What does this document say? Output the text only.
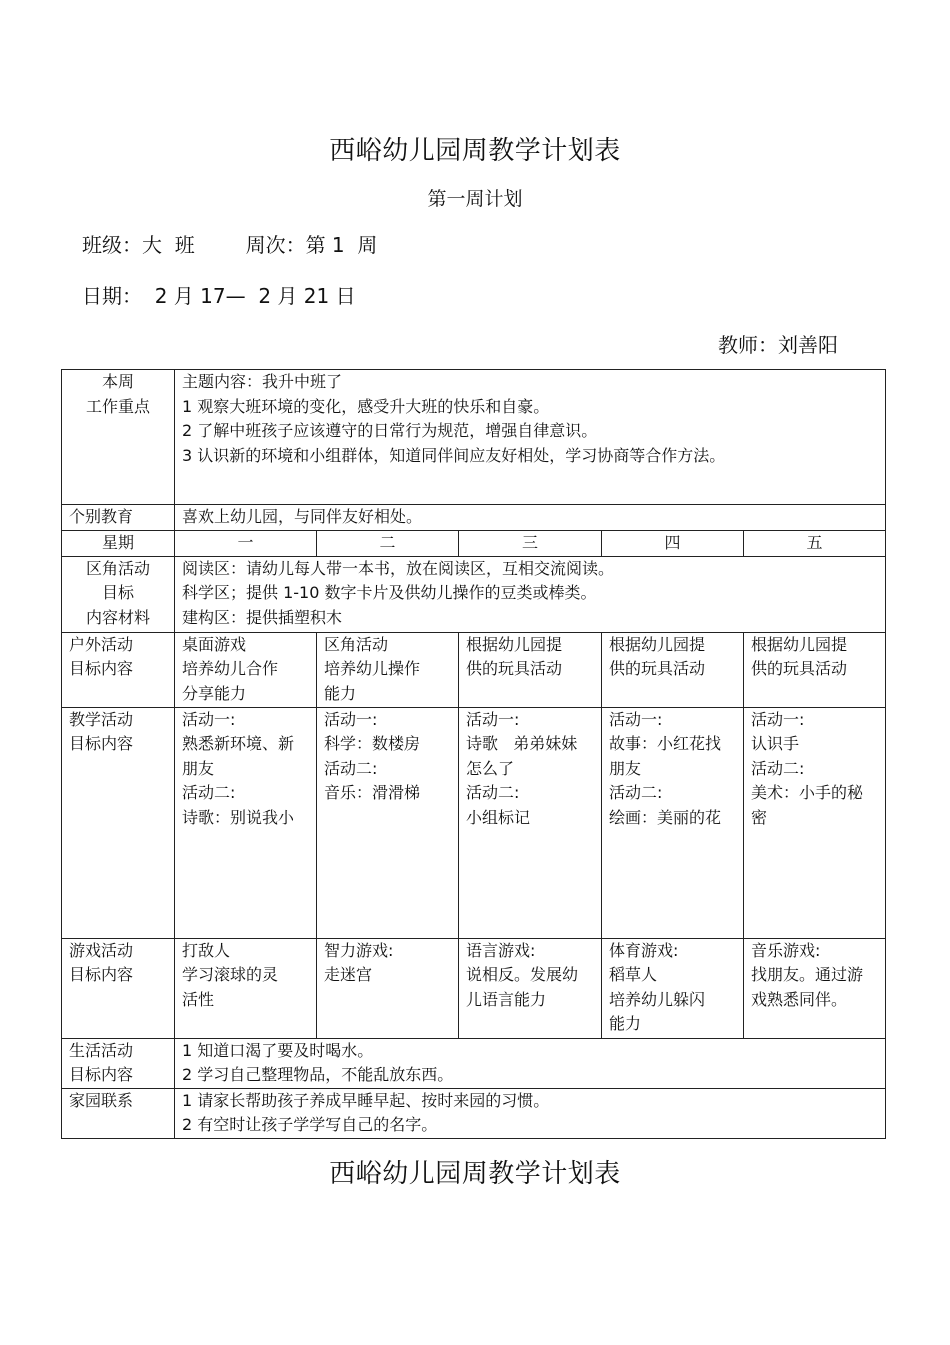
西峪幼儿园周教学计划表
第一周计划
班级：大  班        周次：第 1  周
日期：  2 月 17—  2 月 21 日
教师：刘善阳
本周
工作重点	主题内容：我升中班了
1 观察大班环境的变化，感受升大班的快乐和自豪。
2 了解中班孩子应该遵守的日常行为规范，增强自律意识。
3 认识新的环境和小组群体，知道同伴间应友好相处，学习协商等合作方法。				

个别教育	喜欢上幼儿园，与同伴友好相处。				
星期	一	二	三	四	五

区角活动
目标
内容材料	阅读区：请幼儿每人带一本书，放在阅读区，互相交流阅读。
科学区；提供 1-10 数字卡片及供幼儿操作的豆类或棒类。
建构区：提供插塑积木				

户外活动
目标内容	桌面游戏
培养幼儿合作
分享能力	区角活动
培养幼儿操作
能力	根据幼儿园提
供的玩具活动	根据幼儿园提
供的玩具活动	根据幼儿园提
供的玩具活动

教学活动
目标内容	活动一:
熟悉新环境、新
朋友
活动二:
诗歌：别说我小	活动一:
科学：数楼房
活动二:
音乐：滑滑梯	活动一:
诗歌   弟弟妹妹
怎么了
活动二:
小组标记	活动一:
故事：小红花找
朋友
活动二:
绘画：美丽的花	活动一:
认识手
活动二:
美术：小手的秘
密

游戏活动
目标内容	打敌人
学习滚球的灵
活性	智力游戏:
走迷宫	语言游戏:
说相反。发展幼
儿语言能力	体育游戏:
稻草人
培养幼儿躲闪
能力	音乐游戏:
找朋友。通过游
戏熟悉同伴。

生活活动
目标内容	1 知道口渴了要及时喝水。
2 学习自己整理物品，不能乱放东西。				

家园联系	1 请家长帮助孩子养成早睡早起、按时来园的习惯。
2 有空时让孩子学学写自己的名字。				
西峪幼儿园周教学计划表
